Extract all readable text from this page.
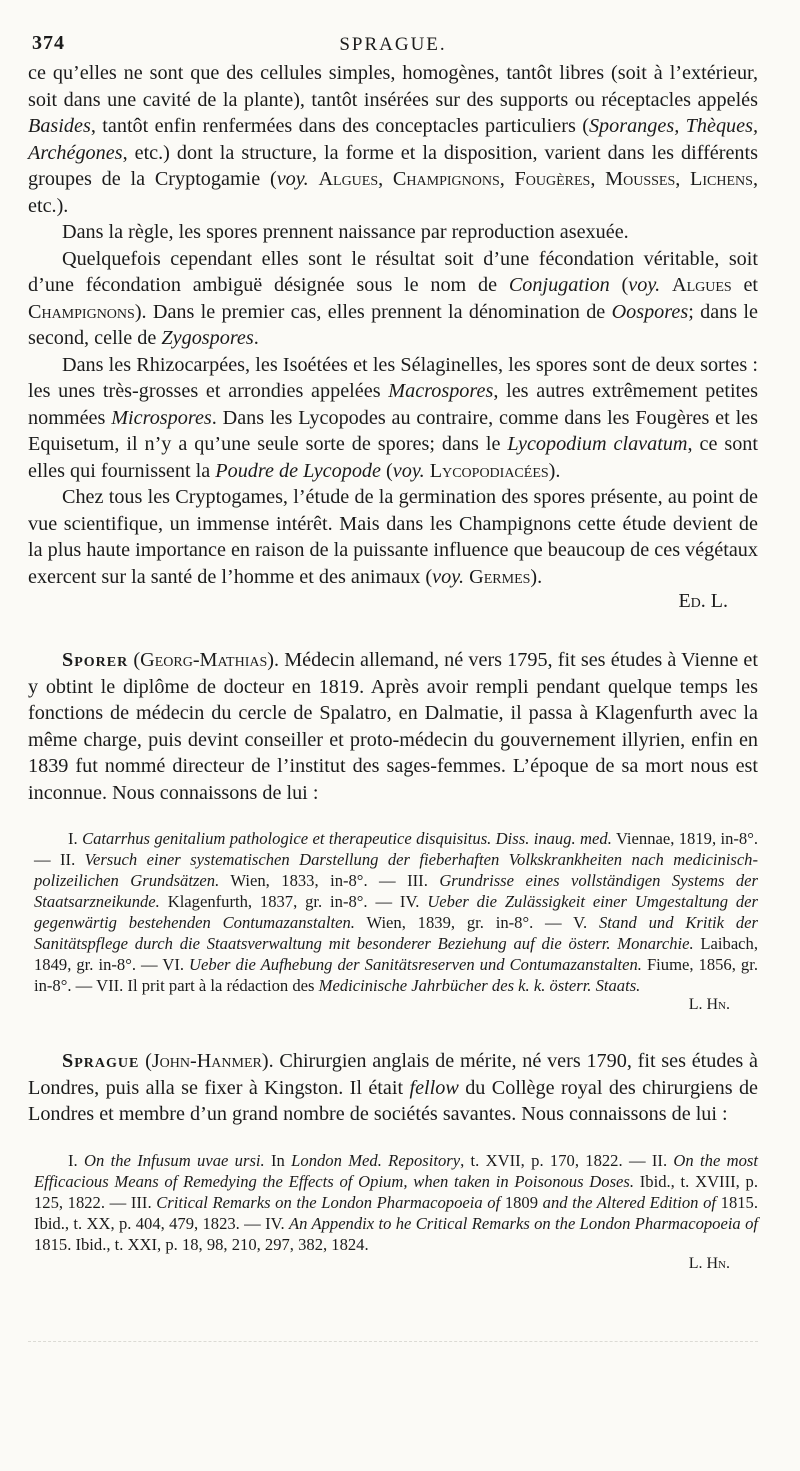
374	SPRAGUE.

ce qu’elles ne sont que des cellules simples, homogènes, tantôt libres (soit à l’extérieur, soit dans une cavité de la plante), tantôt insérées sur des supports ou réceptacles appelés Basides, tantôt enfin renfermées dans des conceptacles particuliers (Sporanges, Thèques, Archégones, etc.) dont la structure, la forme et la disposition, varient dans les différents groupes de la Cryptogamie (voy. Algues, Champignons, Fougères, Mousses, Lichens, etc.).

Dans la règle, les spores prennent naissance par reproduction asexuée.

Quelquefois cependant elles sont le résultat soit d’une fécondation véritable, soit d’une fécondation ambiguë désignée sous le nom de Conjugation (voy. Algues et Champignons). Dans le premier cas, elles prennent la dénomination de Oospores; dans le second, celle de Zygospores.

Dans les Rhizocarpées, les Isoétées et les Sélaginelles, les spores sont de deux sortes : les unes très-grosses et arrondies appelées Macrospores, les autres extrêmement petites nommées Microspores. Dans les Lycopodes au contraire, comme dans les Fougères et les Equisetum, il n’y a qu’une seule sorte de spores; dans le Lycopodium clavatum, ce sont elles qui fournissent la Poudre de Lycopode (voy. Lycopodiacées).

Chez tous les Cryptogames, l’étude de la germination des spores présente, au point de vue scientifique, un immense intérêt. Mais dans les Champignons cette étude devient de la plus haute importance en raison de la puissante influence que beaucoup de ces végétaux exercent sur la santé de l’homme et des animaux (voy. Germes).

Ed. L.

Sporer (Georg-Mathias). Médecin allemand, né vers 1795, fit ses études à Vienne et y obtint le diplôme de docteur en 1819. Après avoir rempli pendant quelque temps les fonctions de médecin du cercle de Spalatro, en Dalmatie, il passa à Klagenfurth avec la même charge, puis devint conseiller et proto-médecin du gouvernement illyrien, enfin en 1839 fut nommé directeur de l’institut des sages-femmes. L’époque de sa mort nous est inconnue. Nous connaissons de lui :

I. Catarrhus genitalium pathologice et therapeutice disquisitus. Diss. inaug. med. Viennae, 1819, in-8°. — II. Versuch einer systematischen Darstellung der fieberhaften Volkskrankheiten nach medicinisch-polizeilichen Grundsätzen. Wien, 1833, in-8°. — III. Grundrisse eines vollständigen Systems der Staatsarzneikunde. Klagenfurth, 1837, gr. in-8°. — IV. Ueber die Zulässigkeit einer Umgestaltung der gegenwärtig bestehenden Contumazanstalten. Wien, 1839, gr. in-8°. — V. Stand und Kritik der Sanitätspflege durch die Staatsverwaltung mit besonderer Beziehung auf die österr. Monarchie. Laibach, 1849, gr. in-8°. — VI. Ueber die Aufhebung der Sanitätsreserven und Contumazanstalten. Fiume, 1856, gr. in-8°. — VII. Il prit part à la rédaction des Medicinische Jahrbücher des k. k. österr. Staats.

L. Hn.

Sprague (John-Hanmer). Chirurgien anglais de mérite, né vers 1790, fit ses études à Londres, puis alla se fixer à Kingston. Il était fellow du Collège royal des chirurgiens de Londres et membre d’un grand nombre de sociétés savantes. Nous connaissons de lui :

I. On the Infusum uvae ursi. In London Med. Repository, t. XVII, p. 170, 1822. — II. On the most Efficacious Means of Remedying the Effects of Opium, when taken in Poisonous Doses. Ibid., t. XVIII, p. 125, 1822. — III. Critical Remarks on the London Pharmacopoeia of 1809 and the Altered Edition of 1815. Ibid., t. XX, p. 404, 479, 1823. — IV. An Appendix to he Critical Remarks on the London Pharmacopoeia of 1815. Ibid., t. XXI, p. 18, 98, 210, 297, 382, 1824.

L. Hn.
